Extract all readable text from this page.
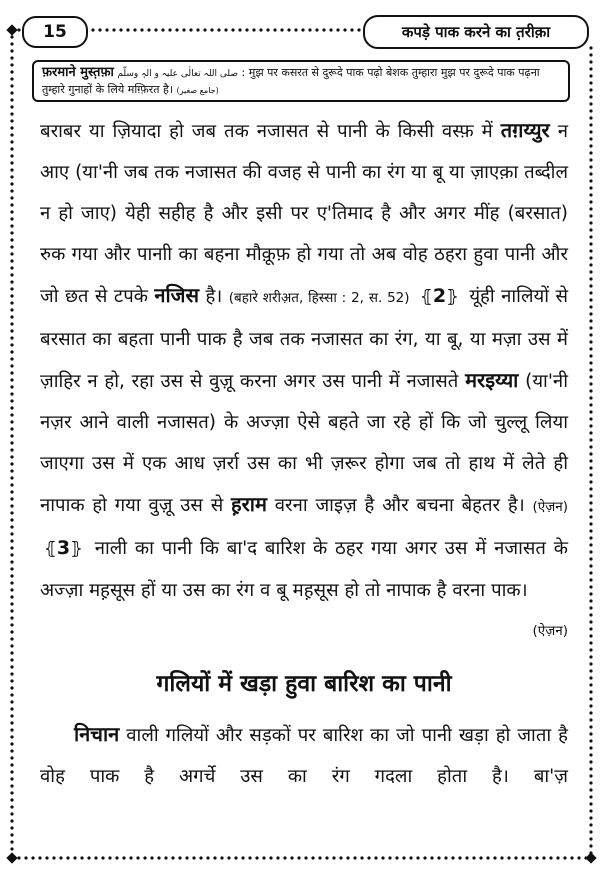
15	कपड़े पाक करने का त़रीक़ा
फ़रमाने मुस्त़फ़ा صلی اللہ تعالٰی علیہ و الہٖ وسلّم : मुझ पर कसरत से दुरूदे पाक पढ़ो बेशक तुम्हारा मुझ पर दुरूदे पाक पढ़ना तुम्हारे गुनाहों के लिये मग़्फ़िरत है। (جامع صغیر)

बराबर या ज़ियादा हो जब तक नजासत से पानी के किसी वस्फ़ में तग़य्युर न आए (या'नी जब तक नजासत की वजह से पानी का रंग या बू या ज़ाएक़ा तब्दील न हो जाए) येही सहीह है और इसी पर ए'तिमाद है और अगर मींह (बरसात) रुक गया और पानाी का बहना मौक़ूफ़ हो गया तो अब वोह ठहरा हुवा पानी और जो छत से टपके नजिस है। (बहारे शरीअ़त, हिस्सा : 2, स. 52) ⦃2⦄ यूंही नालियों से बरसात का बहता पानी पाक है जब तक नजासत का रंग, या बू, या मज़ा उस में ज़ाहिर न हो, रहा उस से वुज़ू करना अगर उस पानी में नजासते मरइय्या (या'नी नज़र आने वाली नजासत) के अज्ज़ा ऐसे बहते जा रहे हों कि जो चुल्लू लिया जाएगा उस में एक आध ज़र्रा उस का भी ज़रूर होगा जब तो हाथ में लेते ही नापाक हो गया वुज़ू उस से ह़राम वरना जाइज़ है और बचना बेहतर है। (ऐज़न) ⦃3⦄ नाली का पानी कि बा'द बारिश के ठहर गया अगर उस में नजासत के अज्ज़ा मह़सूस हों या उस का रंग व बू मह़सूस हो तो नापाक है वरना पाक।
(ऐज़न)

गलियों में खड़ा हुवा बारिश का पानी

निचान वाली गलियों और सड़कों पर बारिश का जो पानी खड़ा हो जाता है वोह पाक है अगर्चे उस का रंग गदला होता है। बा'ज़
